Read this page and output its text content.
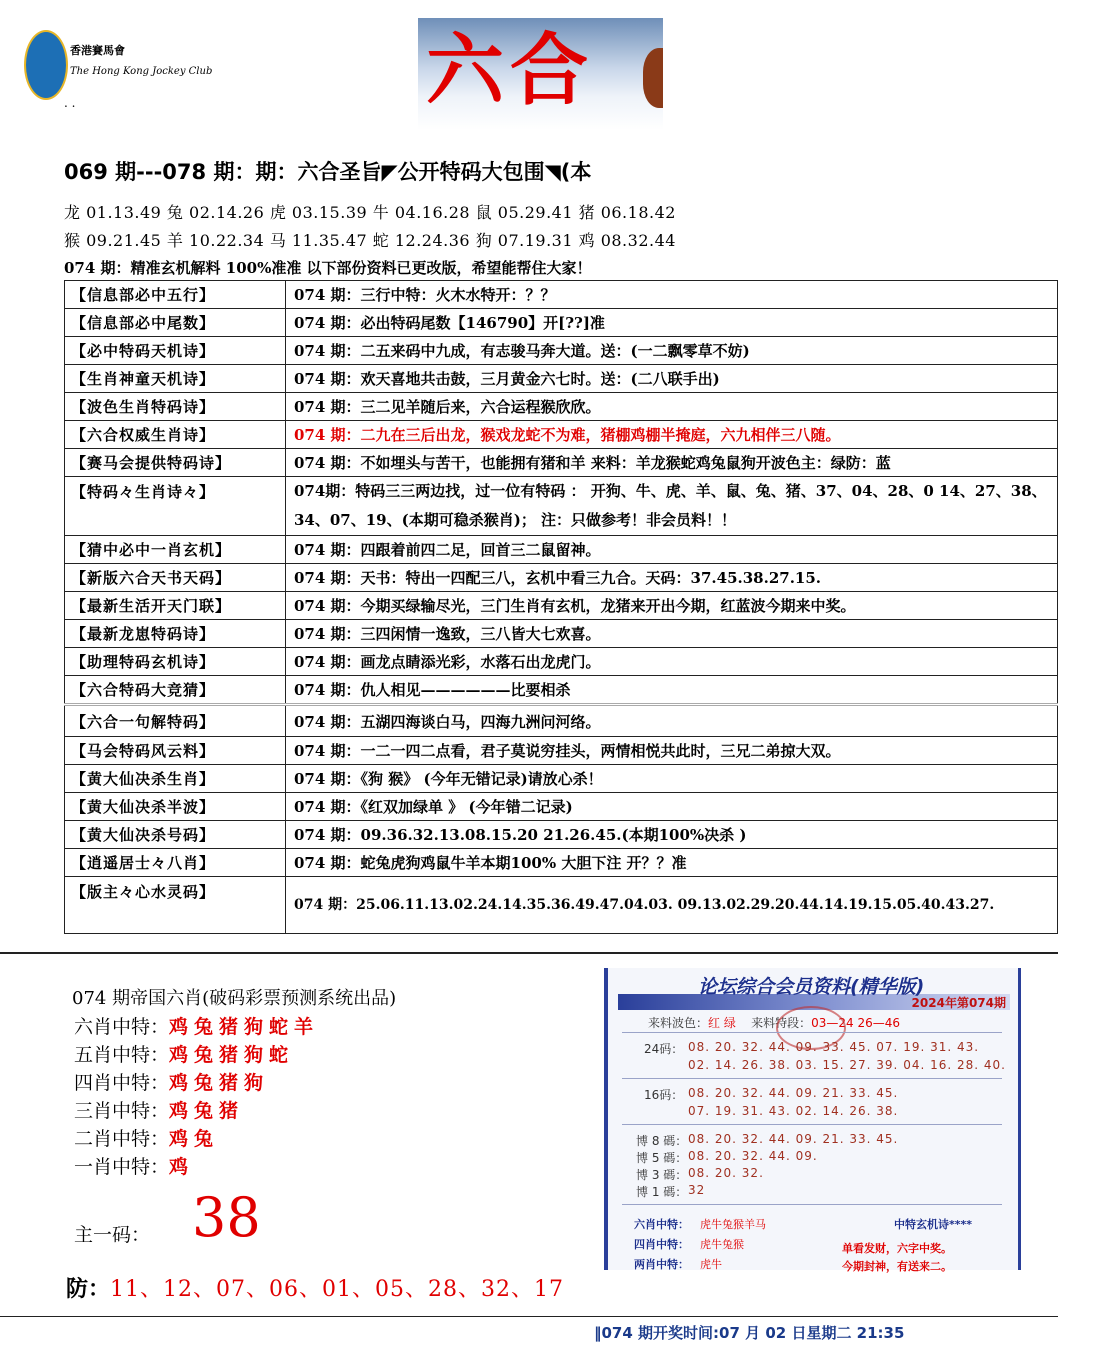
香港賽馬會
The Hong Kong Jockey Club
. .	六合
069 期---078 期：期：六合圣旨◤公开特码大包围◥(本
龙 01.13.49 兔 02.14.26 虎 03.15.39 牛 04.16.28 鼠 05.29.41 猪 06.18.42
猴 09.21.45 羊 10.22.34 马 11.35.47 蛇 12.24.36 狗 07.19.31 鸡 08.32.44
074 期：精准玄机解料 100%准准 以下部份资料已更改版，希望能帮住大家！
【信息部必中五行】	074 期：三行中特：火木水特开：？？
【信息部必中尾数】	074 期：必出特码尾数【146790】开[??]准
【必中特码天机诗】	074 期：二五来码中九成，有志骏马奔大道。送：(一二飘零草不妨)
【生肖神童天机诗】	074 期：欢天喜地共击鼓，三月黄金六七时。送：(二八联手出)
【波色生肖特码诗】	074 期：三二见羊随后来，六合运程猴欣欣。
【六合权威生肖诗】	074 期：二九在三后出龙，猴戏龙蛇不为难，猪棚鸡棚半掩庭，六九相伴三八随。
【赛马会提供特码诗】	074 期：不如埋头与苦干，也能拥有猪和羊 来料：羊龙猴蛇鸡兔鼠狗开波色主：绿防：蓝
【特码々生肖诗々】	074期：特码三三两边找，过一位有特码 ： 开狗、牛、虎、羊、鼠、兔、猪、37、04、28、0 14、27、38、34、07、19、(本期可稳杀猴肖)； 注：只做参考！非会员料！！
【猜中必中一肖玄机】	074 期：四跟着前四二足，回首三二鼠留神。
【新版六合天书天码】	074 期：天书：特出一四配三八，玄机中看三九合。天码：37.45.38.27.15.
【最新生活开天门联】	074 期：今期买绿输尽光，三门生肖有玄机，龙猪来开出今期，红蓝波今期来中奖。
【最新龙崽特码诗】	074 期：三四闲情一逸致，三八皆大七欢喜。
【助理特码玄机诗】	074 期：画龙点睛添光彩，水落石出龙虎门。
【六合特码大竞猜】	074 期：仇人相见——————比要相杀
【六合一句解特码】	074 期：五湖四海谈白马，四海九洲问河络。
【马会特码风云料】	074 期：一二一四二点看，君子莫说穷挂头，两情相悦共此时，三兄二弟掠大双。
【黄大仙决杀生肖】	074 期：《狗 猴》 (今年无错记录)请放心杀！
【黄大仙决杀半波】	074 期：《红双加绿单 》 (今年错二记录)
【黄大仙决杀号码】	074 期：09.36.32.13.08.15.20 21.26.45.(本期100%决杀 )
【逍遥居士々八肖】	074 期：蛇兔虎狗鸡鼠牛羊本期100% 大胆下注 开？？准
【版主々心水灵码】	074 期：25.06.11.13.02.24.14.35.36.49.47.04.03. 09.13.02.29.20.44.14.19.15.05.40.43.27.
074 期帝国六肖(破码彩票预测系统出品)
六肖中特：鸡兔猪狗蛇羊
五肖中特：鸡兔猪狗蛇
四肖中特：鸡兔猪狗
三肖中特：鸡兔猪
二肖中特：鸡兔
一肖中特：鸡
主一码： 38
防：11、12、07、06、01、05、28、32、17
论坛综合会员资料(精华版)
2024年第074期
来料波色：红 绿 来料特段：03—24 26—46
24码： 08. 20. 32. 44. 09. 33. 45. 07. 19. 31. 43.
02. 14. 26. 38. 03. 15. 27. 39. 04. 16. 28. 40.
16码： 08. 20. 32. 44. 09. 21. 33. 45.
07. 19. 31. 43. 02. 14. 26. 38.
博 8 碼： 08. 20. 32. 44. 09. 21. 33. 45.
博 5 碼： 08. 20. 32. 44. 09.
博 3 碼： 08. 20. 32.
博 1 碼： 32
六肖中特： 虎牛兔猴羊马
四肖中特： 虎牛兔猴
两肖中特： 虎牛
中特玄机诗****
单看发财，六字中奖。
今期封神，有送来二。
‖074 期开奖时间:07 月 02 日星期二 21:35
